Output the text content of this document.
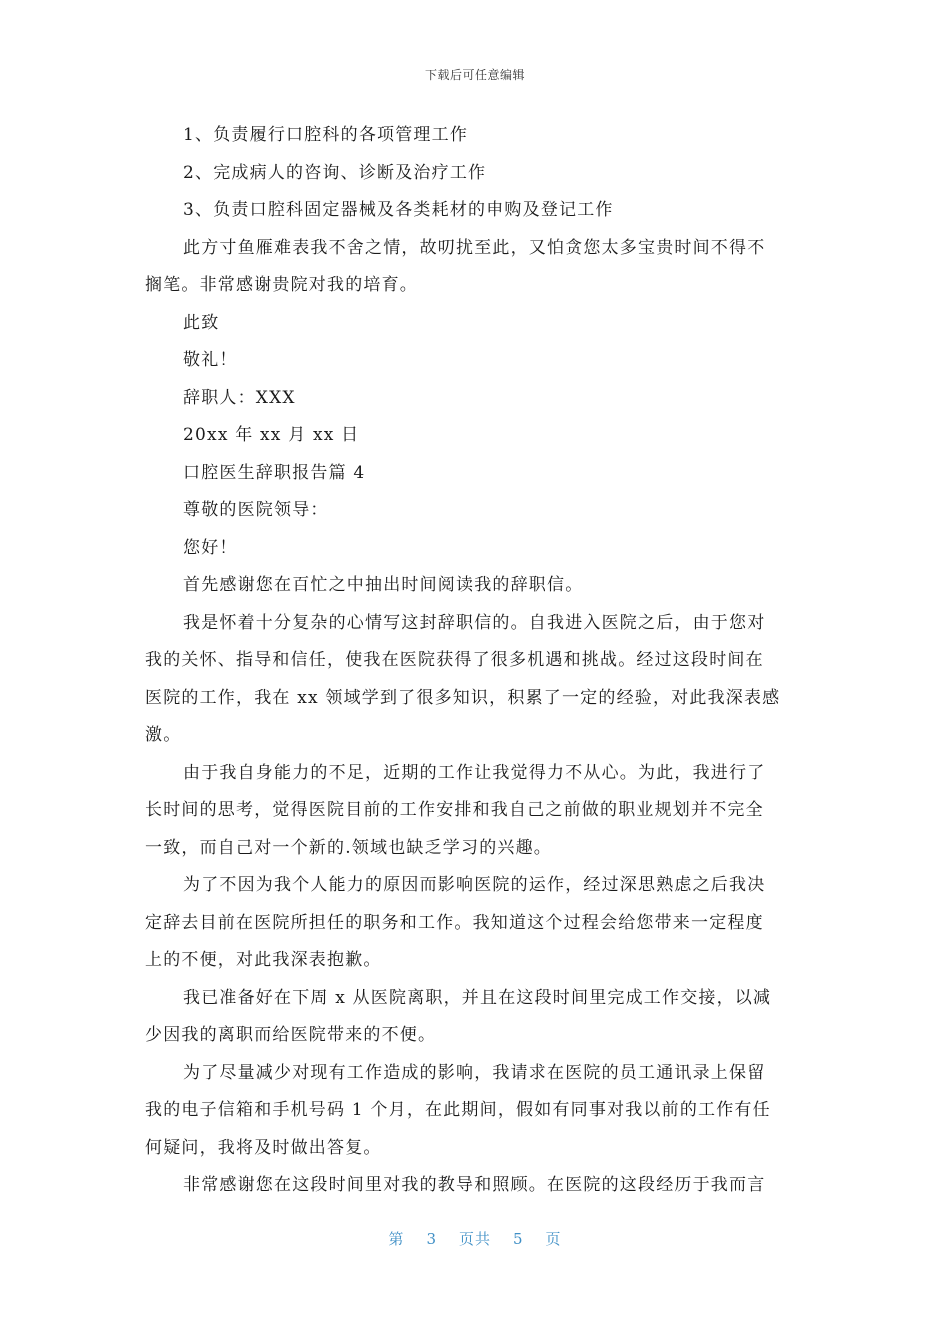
下载后可任意编辑
1、负责履行口腔科的各项管理工作
2、完成病人的咨询、诊断及治疗工作
3、负责口腔科固定器械及各类耗材的申购及登记工作
此方寸鱼雁难表我不舍之情，故叨扰至此，又怕贪您太多宝贵时间不得不
搁笔。非常感谢贵院对我的培育。
此致
敬礼！
辞职人：XXX
20xx 年 xx 月 xx 日
口腔医生辞职报告篇 4
尊敬的医院领导：
您好！
首先感谢您在百忙之中抽出时间阅读我的辞职信。
我是怀着十分复杂的心情写这封辞职信的。自我进入医院之后，由于您对
我的关怀、指导和信任，使我在医院获得了很多机遇和挑战。经过这段时间在
医院的工作，我在 xx 领域学到了很多知识，积累了一定的经验，对此我深表感
激。
由于我自身能力的不足，近期的工作让我觉得力不从心。为此，我进行了
长时间的思考，觉得医院目前的工作安排和我自己之前做的职业规划并不完全
一致，而自己对一个新的.领域也缺乏学习的兴趣。
为了不因为我个人能力的原因而影响医院的运作，经过深思熟虑之后我决
定辞去目前在医院所担任的职务和工作。我知道这个过程会给您带来一定程度
上的不便，对此我深表抱歉。
我已准备好在下周 x 从医院离职，并且在这段时间里完成工作交接，以减
少因我的离职而给医院带来的不便。
为了尽量减少对现有工作造成的影响，我请求在医院的员工通讯录上保留
我的电子信箱和手机号码 1 个月，在此期间，假如有同事对我以前的工作有任
何疑问，我将及时做出答复。
非常感谢您在这段时间里对我的教导和照顾。在医院的这段经历于我而言
第 3 页共 5 页
